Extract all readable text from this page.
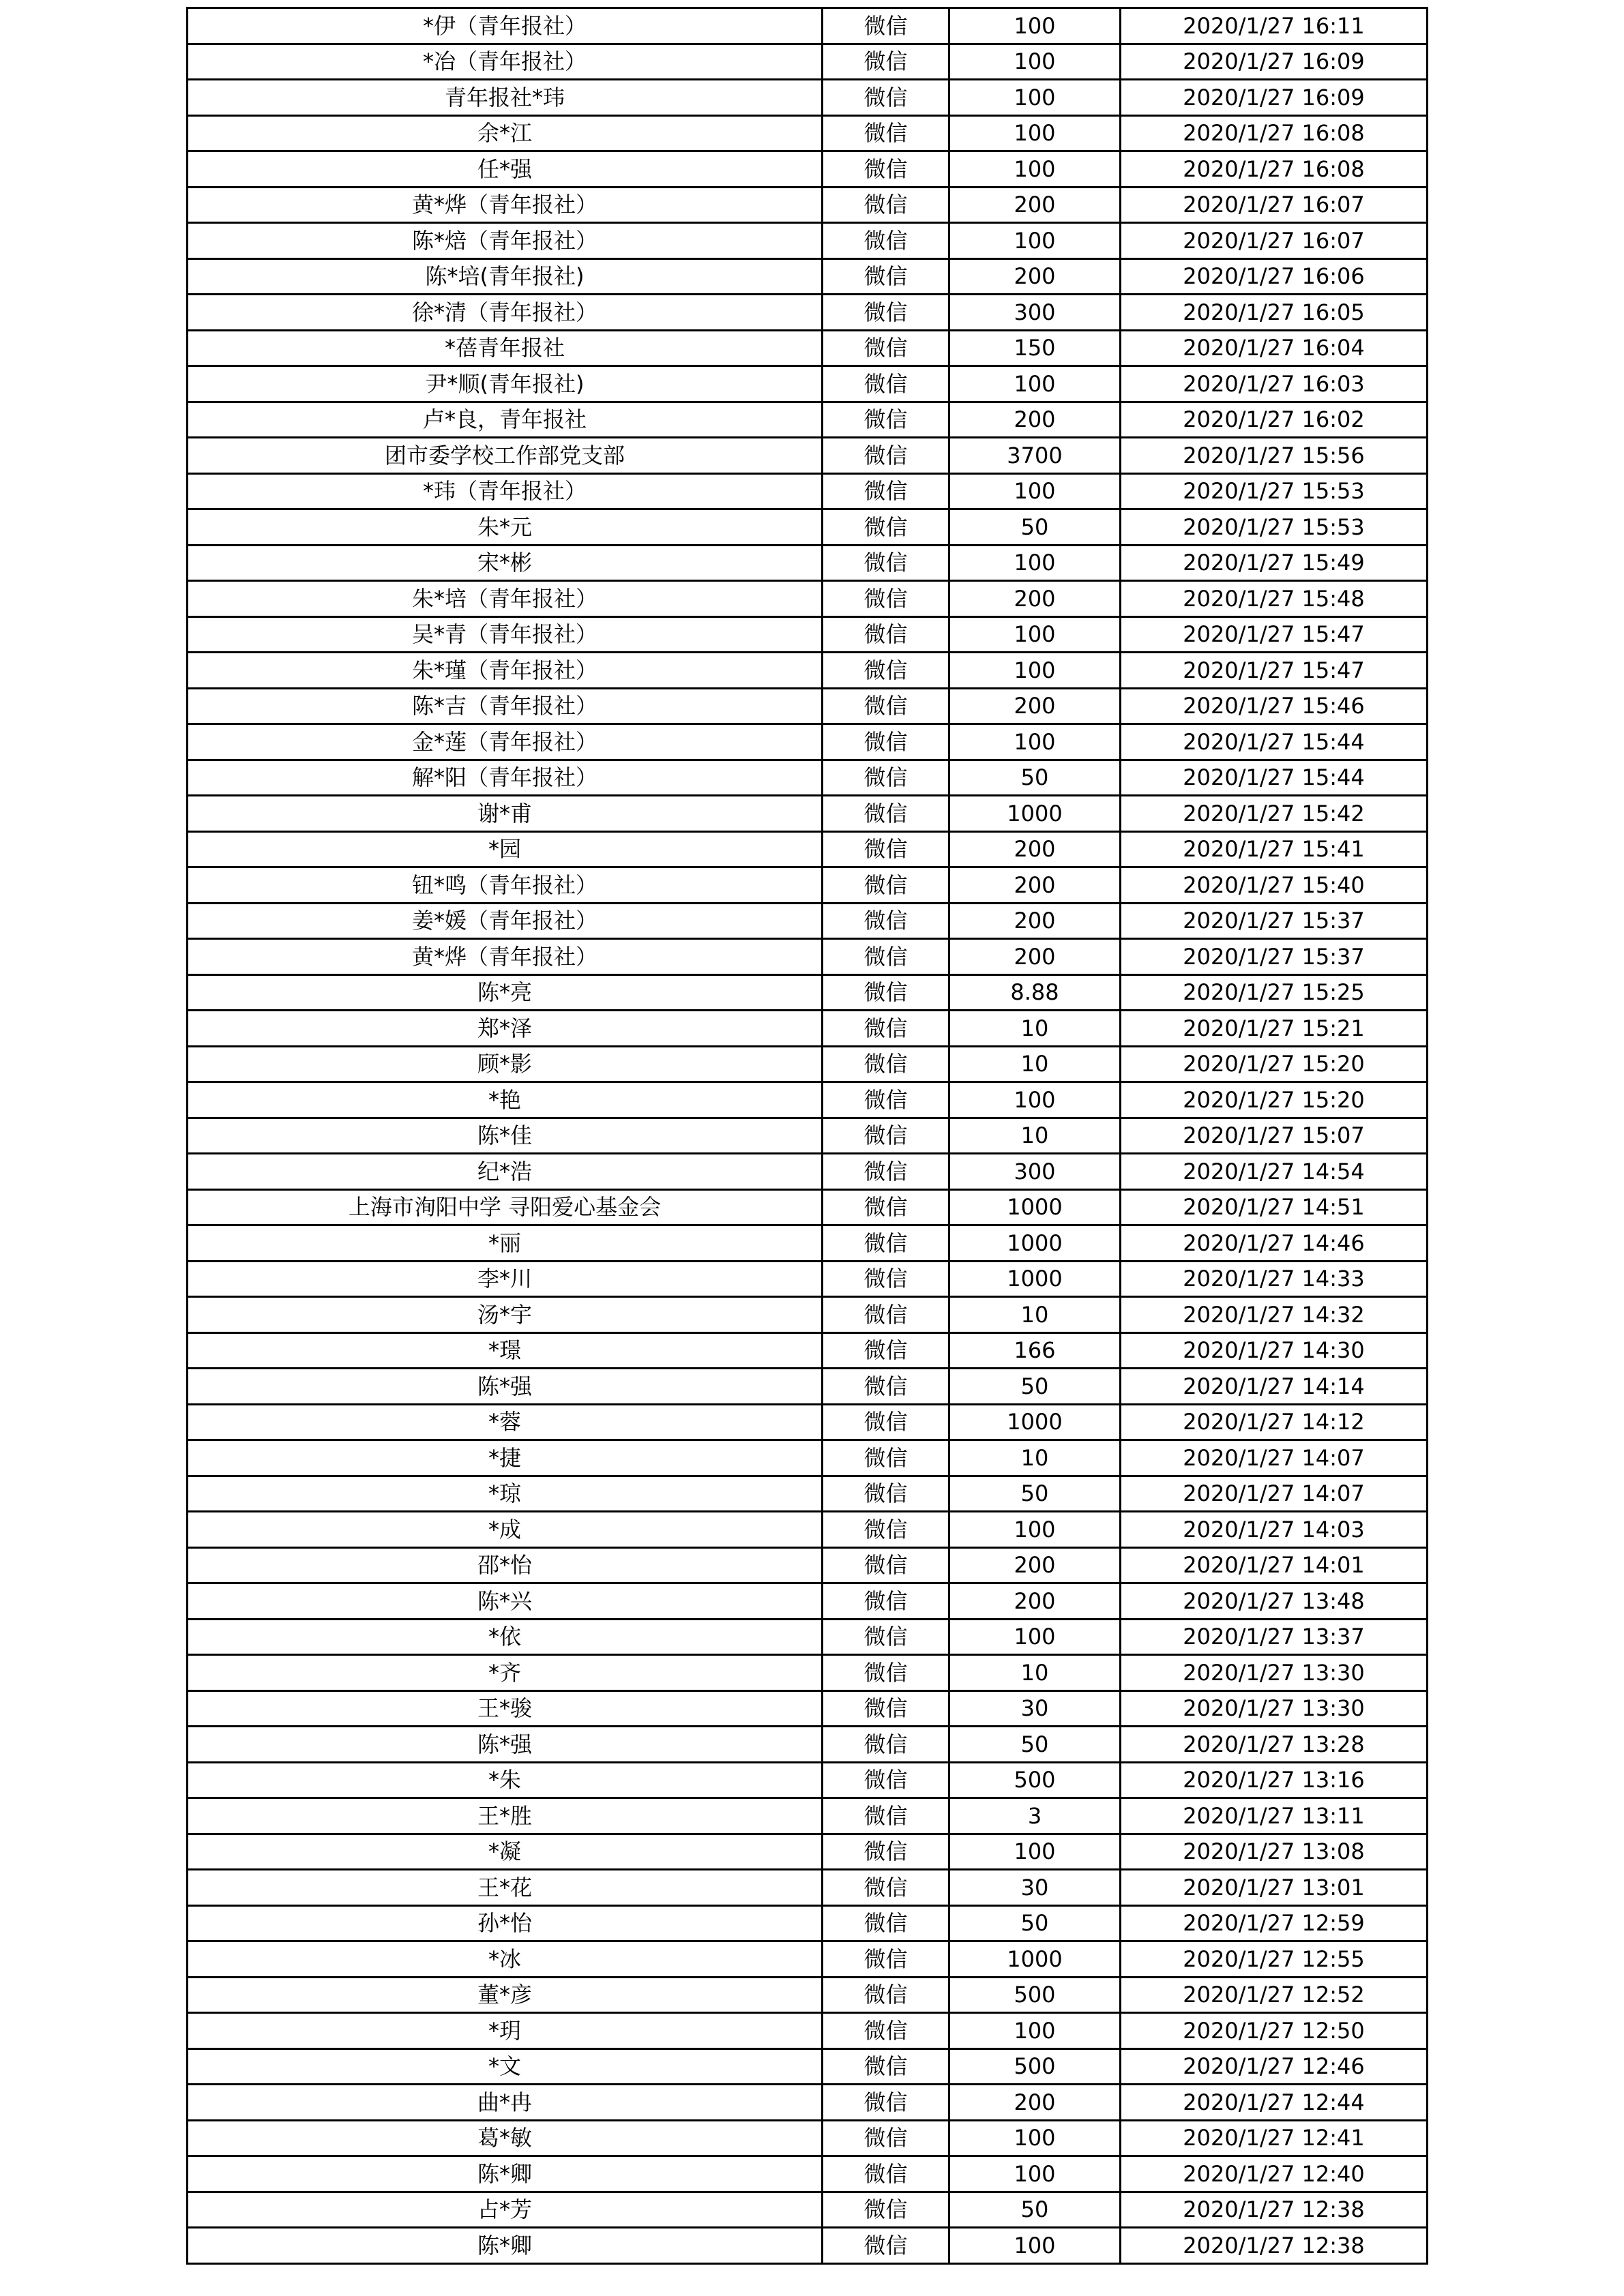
*伊（青年报社）	微信	100	2020/1/27 16:11
*冶（青年报社）	微信	100	2020/1/27 16:09
青年报社*玮	微信	100	2020/1/27 16:09
余*江	微信	100	2020/1/27 16:08
任*强	微信	100	2020/1/27 16:08
黄*烨（青年报社）	微信	200	2020/1/27 16:07
陈*焙（青年报社）	微信	100	2020/1/27 16:07
陈*培(青年报社)	微信	200	2020/1/27 16:06
徐*清（青年报社）	微信	300	2020/1/27 16:05
*蓓青年报社	微信	150	2020/1/27 16:04
尹*顺(青年报社)	微信	100	2020/1/27 16:03
卢*良，青年报社	微信	200	2020/1/27 16:02
团市委学校工作部党支部	微信	3700	2020/1/27 15:56
*玮（青年报社）	微信	100	2020/1/27 15:53
朱*元	微信	50	2020/1/27 15:53
宋*彬	微信	100	2020/1/27 15:49
朱*培（青年报社）	微信	200	2020/1/27 15:48
吴*青（青年报社）	微信	100	2020/1/27 15:47
朱*瑾（青年报社）	微信	100	2020/1/27 15:47
陈*吉（青年报社）	微信	200	2020/1/27 15:46
金*莲（青年报社）	微信	100	2020/1/27 15:44
解*阳（青年报社）	微信	50	2020/1/27 15:44
谢*甫	微信	1000	2020/1/27 15:42
*园	微信	200	2020/1/27 15:41
钮*鸣（青年报社）	微信	200	2020/1/27 15:40
姜*媛（青年报社）	微信	200	2020/1/27 15:37
黄*烨（青年报社）	微信	200	2020/1/27 15:37
陈*亮	微信	8.88	2020/1/27 15:25
郑*泽	微信	10	2020/1/27 15:21
顾*影	微信	10	2020/1/27 15:20
*艳	微信	100	2020/1/27 15:20
陈*佳	微信	10	2020/1/27 15:07
纪*浩	微信	300	2020/1/27 14:54
上海市洵阳中学 寻阳爱心基金会	微信	1000	2020/1/27 14:51
*丽	微信	1000	2020/1/27 14:46
李*川	微信	1000	2020/1/27 14:33
汤*宇	微信	10	2020/1/27 14:32
*璟	微信	166	2020/1/27 14:30
陈*强	微信	50	2020/1/27 14:14
*蓉	微信	1000	2020/1/27 14:12
*捷	微信	10	2020/1/27 14:07
*琼	微信	50	2020/1/27 14:07
*成	微信	100	2020/1/27 14:03
邵*怡	微信	200	2020/1/27 14:01
陈*兴	微信	200	2020/1/27 13:48
*依	微信	100	2020/1/27 13:37
*齐	微信	10	2020/1/27 13:30
王*骏	微信	30	2020/1/27 13:30
陈*强	微信	50	2020/1/27 13:28
*朱	微信	500	2020/1/27 13:16
王*胜	微信	3	2020/1/27 13:11
*凝	微信	100	2020/1/27 13:08
王*花	微信	30	2020/1/27 13:01
孙*怡	微信	50	2020/1/27 12:59
*冰	微信	1000	2020/1/27 12:55
董*彦	微信	500	2020/1/27 12:52
*玥	微信	100	2020/1/27 12:50
*文	微信	500	2020/1/27 12:46
曲*冉	微信	200	2020/1/27 12:44
葛*敏	微信	100	2020/1/27 12:41
陈*卿	微信	100	2020/1/27 12:40
占*芳	微信	50	2020/1/27 12:38
陈*卿	微信	100	2020/1/27 12:38
